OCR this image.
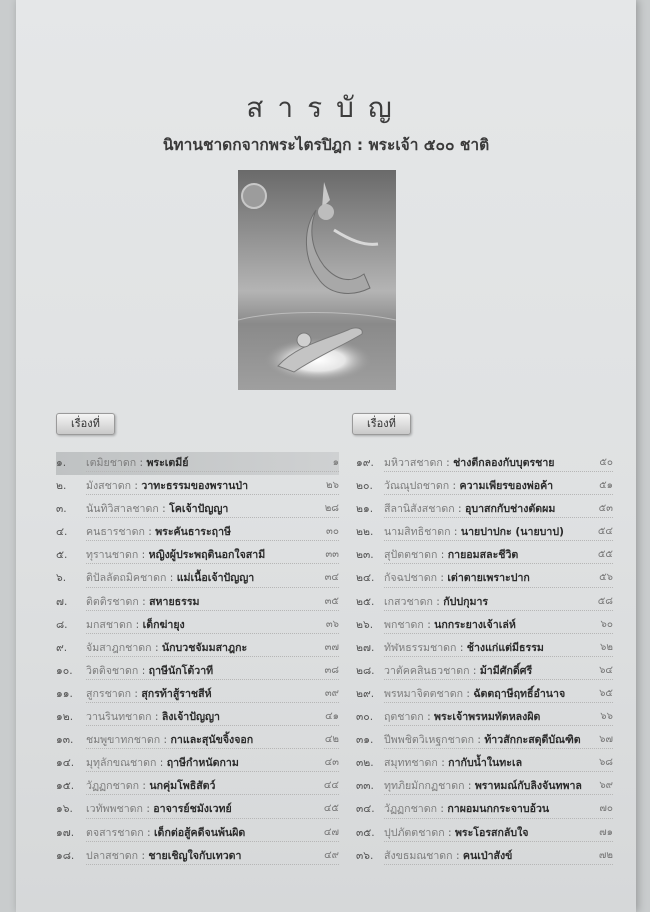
สารบัญ
นิทานชาดกจากพระไตรปิฎก : พระเจ้า ๕๐๐ ชาติ
เรื่องที่	เรื่องที่
๑.	เตมิยชาดก : พระเตมีย์	๑
๒.	มังสชาดก : วาทะธรรมของพรานป่า	๒๖
๓.	นันทิวิสาลชาดก : โคเจ้าปัญญา	๒๘
๔.	คนธารชาดก : พระคันธาระฤาษี	๓๐
๕.	ทุรานชาดก : หญิงผู้ประพฤตินอกใจสามี	๓๓
๖.	ติปัลลัตถมิคชาดก : แม่เนื้อเจ้าปัญญา	๓๔
๗.	ติตติรชาดก : สหายธรรม	๓๕
๘.	มกสชาดก : เด็กฆ่ายุง	๓๖
๙.	จัมสาฎกชาดก : นักบวชจัมมสาฎกะ	๓๗
๑๐.	วิตติจชาดก : ฤาษีนักโต้วาที	๓๘
๑๑.	สูกรชาดก : สุกรท้าสู้ราชสีห์	๓๙
๑๒.	วานรินทชาดก : ลิงเจ้าปัญญา	๔๑
๑๓.	ชมพูขาทกชาดก : กาและสุนัขจิ้งจอก	๔๒
๑๔.	มุทุลักขณชาดก : ฤาษีกำหนัดกาม	๔๓
๑๕.	วัฏฏกชาดก : นกคุ่มโพธิสัตว์	๔๔
๑๖.	เวทัพพชาดก : อาจารย์ชมังเวทย์	๔๕
๑๗.	ตจสารชาดก : เด็กต่อสู้คดีจนพ้นผิด	๔๗
๑๘.	ปลาสชาดก : ชายเชิญใจกับเทวดา	๔๙
๑๙. มหิวาสชาดก : ช่างตีกลองกับบุตรชาย	๕๐
๒๐.	วัณณุปถชาดก : ความเพียรของพ่อค้า	๕๑
๒๑.	สีลานิสังสชาดก : อุบาสกกับช่างตัดผม	๕๓
๒๒.	นามสิทธิชาดก : นายปาปกะ (นายบาป)	๕๔
๒๓. สุปัตตชาดก : กายอมสละชีวิต	๕๕
๒๔. กัจฉปชาดก : เต่าตายเพราะปาก	๕๖
๒๕. เกสวชาดก : กัปปกุมาร	๕๘
๒๖.	พกชาดก : นกกระยางเจ้าเล่ห์	๖๐
๒๗. ทัฬหธรรมชาดก : ช้างแก่แต่มีธรรม	๖๒
๒๘. วาตัคคสินธวชาดก : ม้ามีศักดิ์ศรี	๖๔
๒๙. พรหมาจิตตชาดก : ฉัตตฤาษีฤทธิ์อำนาจ	๖๕
๓๐.	ฤตชาดก : พระเจ้าพรหมทัตหลงผิด	๖๖
๓๑.	ปีพพชิตวิเหฐกชาดก : ท้าวสักกะสดุดีบัณฑิต ๖๗
๓๒. สมุททชาดก : กากับน้ำในทะเล	๖๘
๓๓. ทุทภิยมักกฏชาดก : พราหมณ์กับลิงจันทพาล ๖๙
๓๔. วัฏฏกชาดก : กาผอมนกกระจาบอ้วน	๗๐
๓๕. ปุปภัตตชาดก : พระโอรสกลับใจ	๗๑
๓๖.	สังขธมณชาดก : คนเป่าสังข์	๗๒
